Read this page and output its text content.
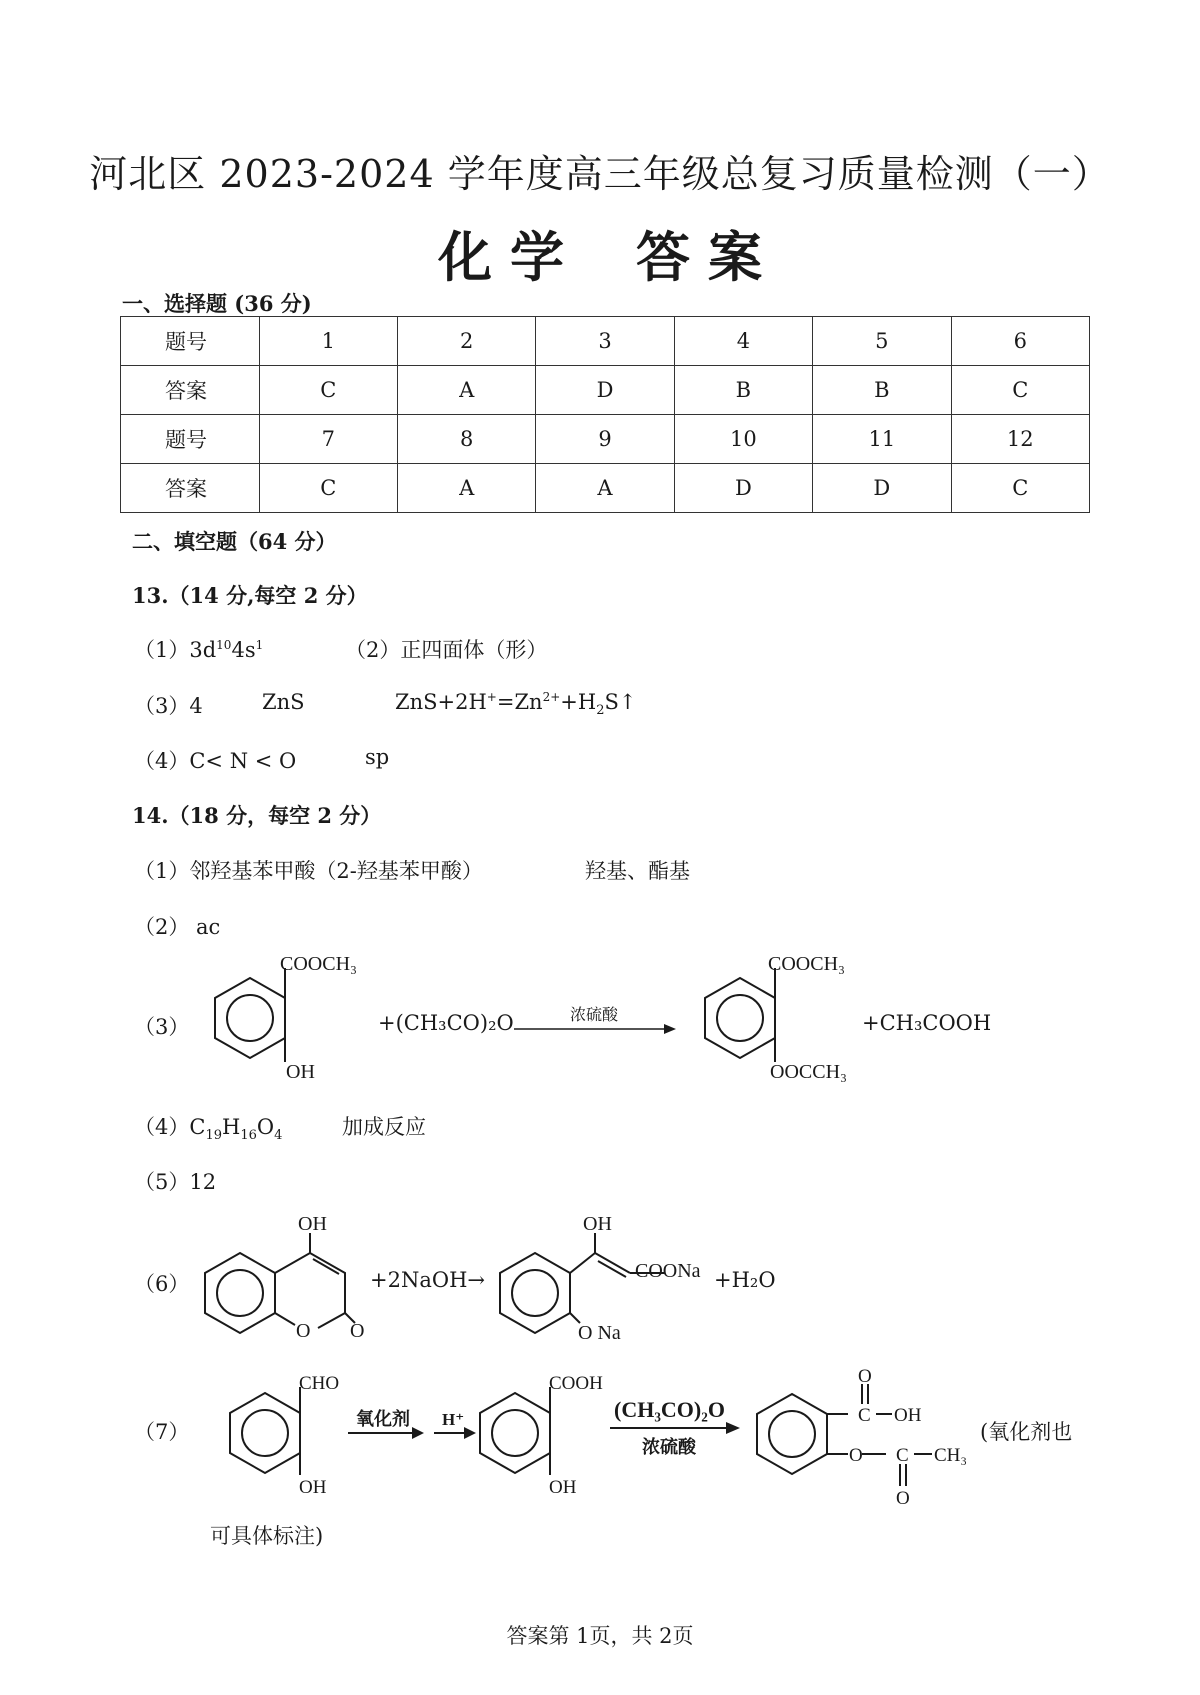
河北区 2023-2024 学年度高三年级总复习质量检测（一）
化 学 答 案
一、选择题 (36 分)
题号	1	2	3	4	5	6
答案	C	A	D	B	B	C
题号	7	8	9	10	11	12
答案	C	A	A	D	D	C
二、填空题（64 分）
13.（14 分,每空 2 分）
$(1)3d^{10}4s^1$	（2）正四面体（形）
（3）4	ZnS	$ZnS+2H^+=Zn^{2+}+H_2S↑$
（4）C< N < O	sp
14.（18 分，每空 2 分）
（1）邻羟基苯甲酸（2-羟基苯甲酸）	羟基、酯基
（2） ac
（3）
COOCH₃
OH
+(CH₃CO)₂O	浓硫酸
COOCH₃
OOCCH₃
+CH₃COOH
$(4)C_{19}H_{16}O_4$	加成反应
（5）12
（6）
OH
O O
+2NaOH→
OH
COONa
O Na
+H₂O
（7）
CHO
OH
氧化剂 H⁺
COOH
OH
(CH₃CO)₂O
浓硫酸
O
C OH
O C CH₃
O
(氧化剂也
可具体标注)
答案第 1页，共 2页
